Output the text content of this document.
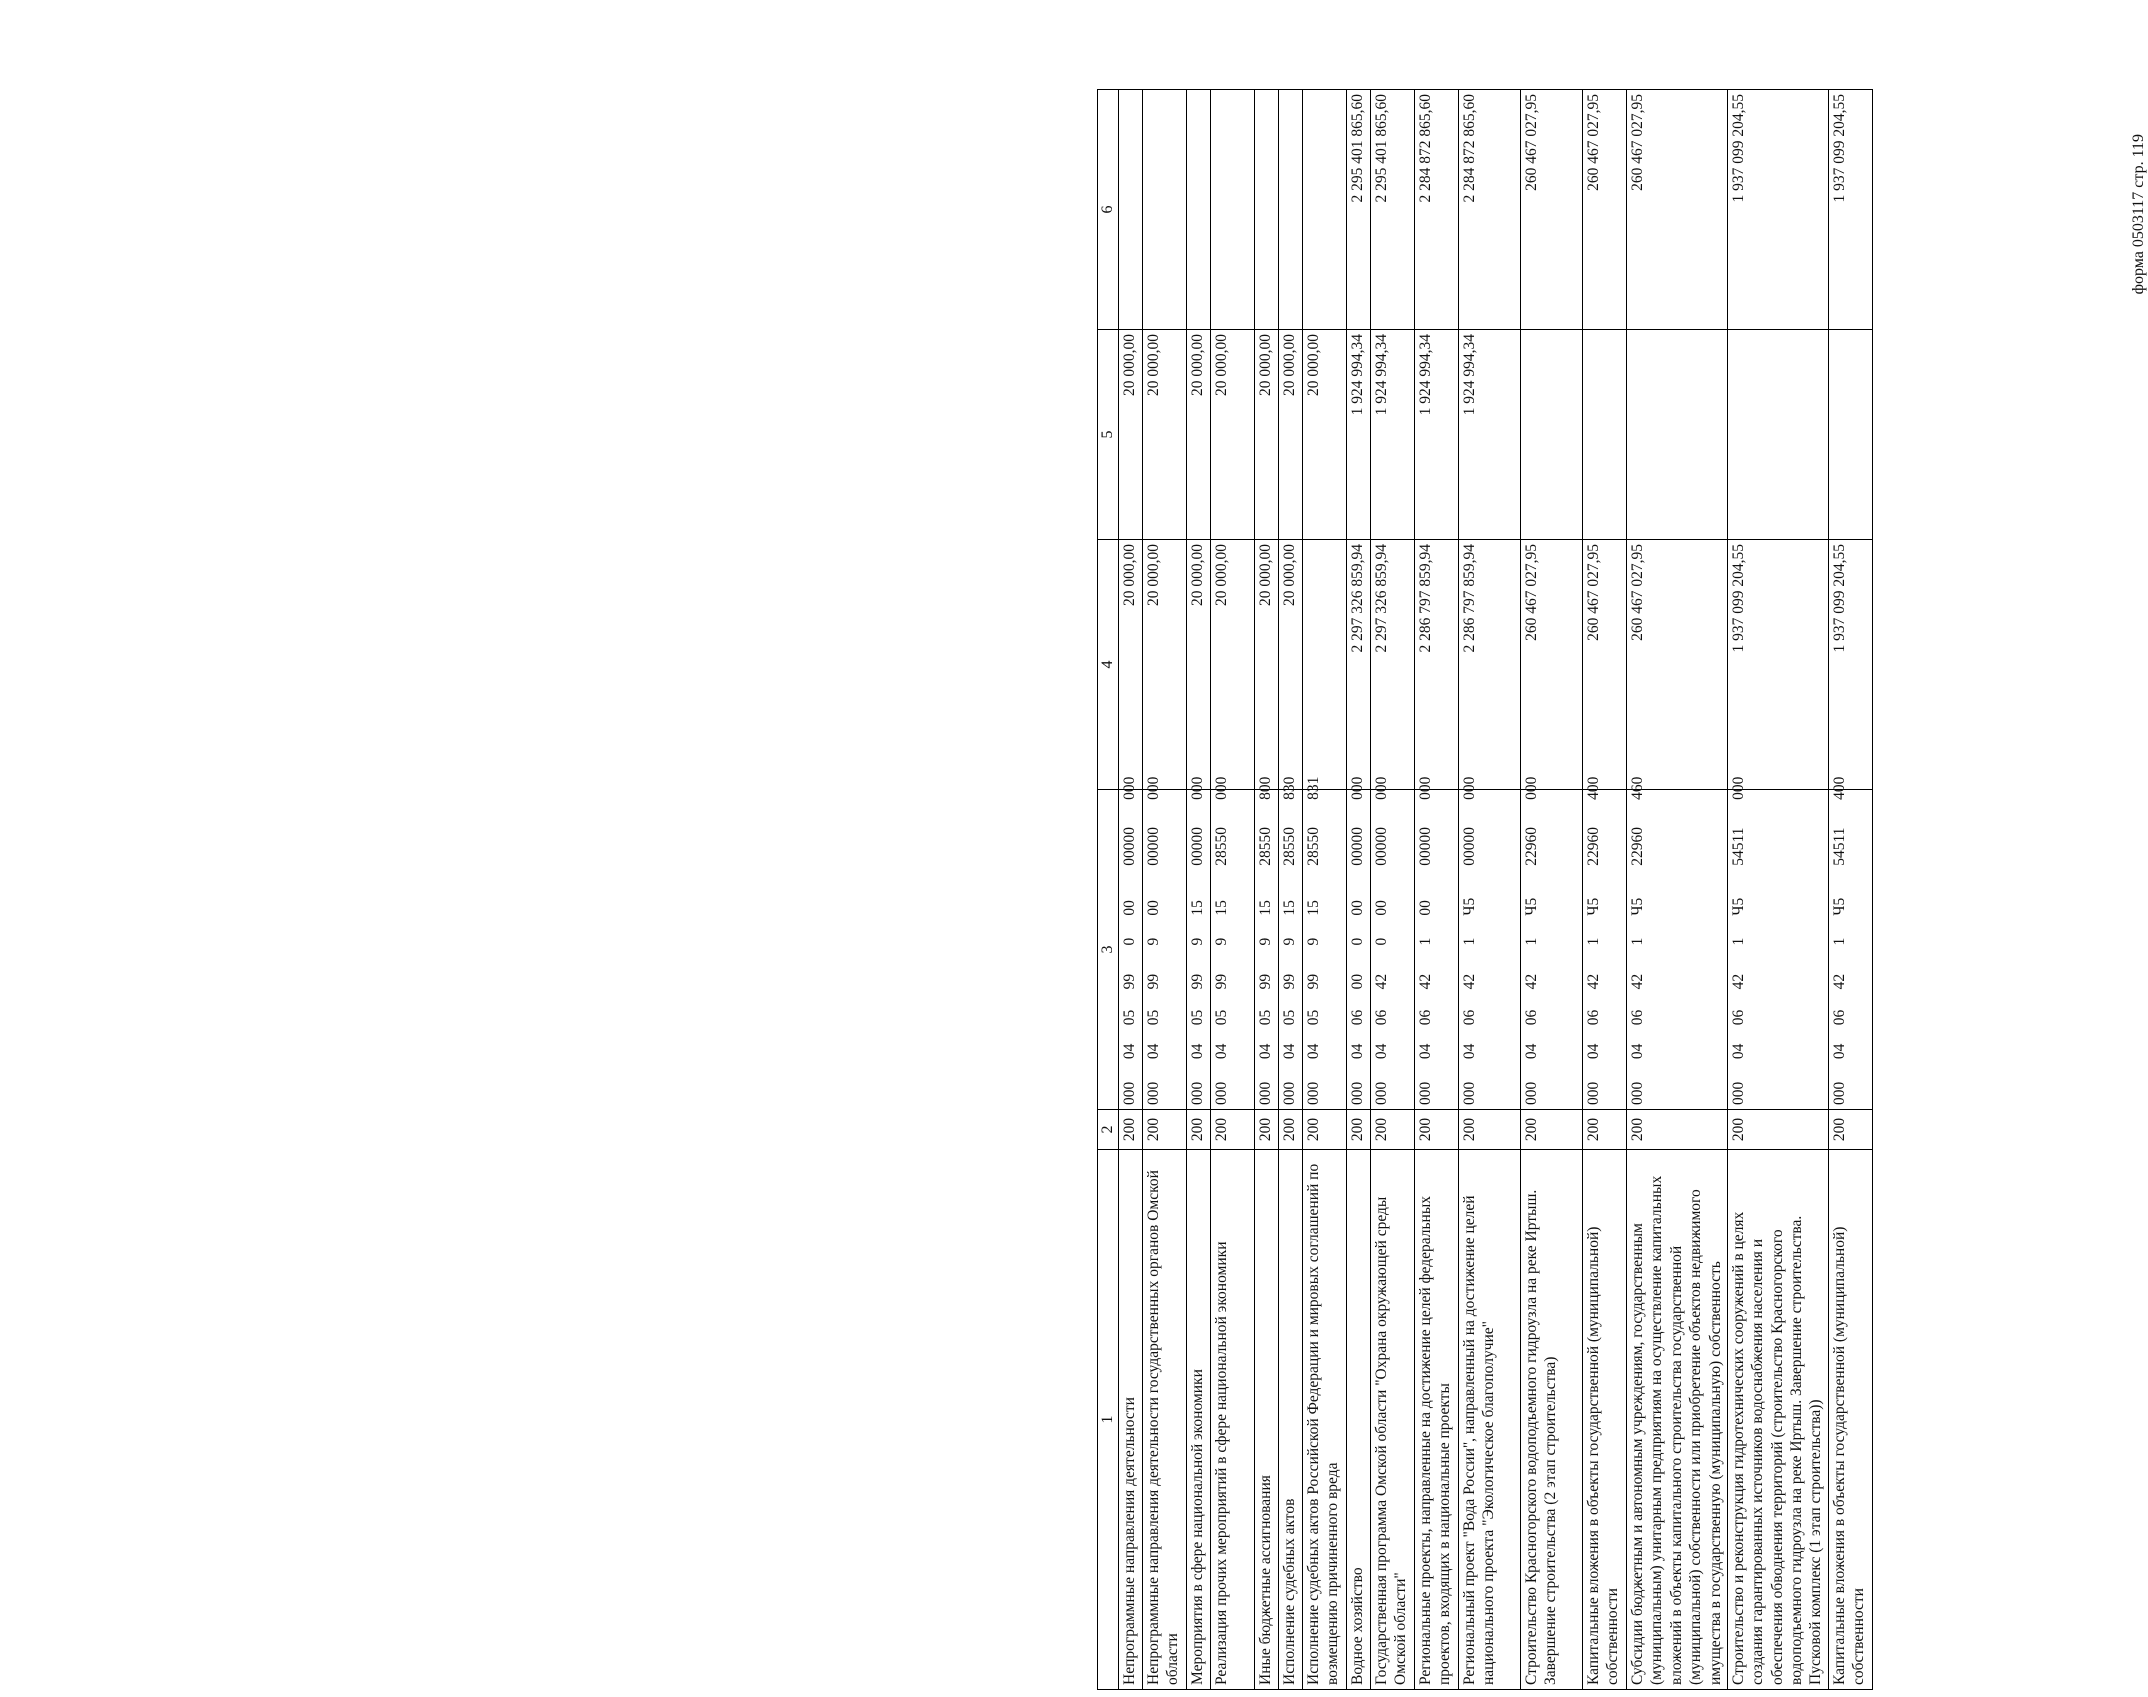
1	2	3	4	5	6
Непрограммные направления деятельности	200	000 04 05 99 0 00 00000 000	20 000,00	20 000,00	
Непрограммные направления деятельности государственных органов Омской области	200	000 04 05 99 9 00 00000 000	20 000,00	20 000,00	
Мероприятия в сфере национальной экономики	200	000 04 05 99 9 15 00000 000	20 000,00	20 000,00	
Реализация прочих мероприятий в сфере национальной экономики	200	000 04 05 99 9 15 28550 000	20 000,00	20 000,00	
Иные бюджетные ассигнования	200	000 04 05 99 9 15 28550 800	20 000,00	20 000,00	
Исполнение судебных актов	200	000 04 05 99 9 15 28550 830	20 000,00	20 000,00	
Исполнение судебных актов Российской Федерации и мировых соглашений по возмещению причиненного вреда	200	000 04 05 99 9 15 28550 831		20 000,00	
Водное хозяйство	200	000 04 06 00 0 00 00000 000	2 297 326 859,94	1 924 994,34	2 295 401 865,60
Государственная программа Омской области "Охрана окружающей среды Омской области"	200	000 04 06 42 0 00 00000 000	2 297 326 859,94	1 924 994,34	2 295 401 865,60
Региональные проекты, направленные на достижение целей федеральных проектов, входящих в национальные проекты	200	000 04 06 42 1 00 00000 000	2 286 797 859,94	1 924 994,34	2 284 872 865,60
Региональный проект "Вода России", направленный на достижение целей национального проекта "Экологическое благополучие"	200	000 04 06 42 1 Ч5 00000 000	2 286 797 859,94	1 924 994,34	2 284 872 865,60
Строительство Красногорского водоподъемного гидроузла на реке Иртыш. Завершение строительства (2 этап строительства)	200	000 04 06 42 1 Ч5 22960 000	260 467 027,95		260 467 027,95
Капитальные вложения в объекты государственной (муниципальной) собственности	200	000 04 06 42 1 Ч5 22960 400	260 467 027,95		260 467 027,95
Субсидии бюджетным и автономным учреждениям, государственным (муниципальным) унитарным предприятиям на осуществление капитальных вложений в объекты капитального строительства государственной (муниципальной) собственности или приобретение объектов недвижимого имущества в государственную (муниципальную) собственность	200	000 04 06 42 1 Ч5 22960 460	260 467 027,95		260 467 027,95
Строительство и реконструкция гидротехнических сооружений в целях создания гарантированных источников водоснабжения населения и обеспечения обводнения территорий (строительство Красногорского водоподъемного гидроузла на реке Иртыш. Завершение строительства. Пусковой комплекс (1 этап строительства))	200	000 04 06 42 1 Ч5 54511 000	1 937 099 204,55		1 937 099 204,55
Капитальные вложения в объекты государственной (муниципальной) собственности	200	000 04 06 42 1 Ч5 54511 400	1 937 099 204,55		1 937 099 204,55	форма 0503117 стр. 119
